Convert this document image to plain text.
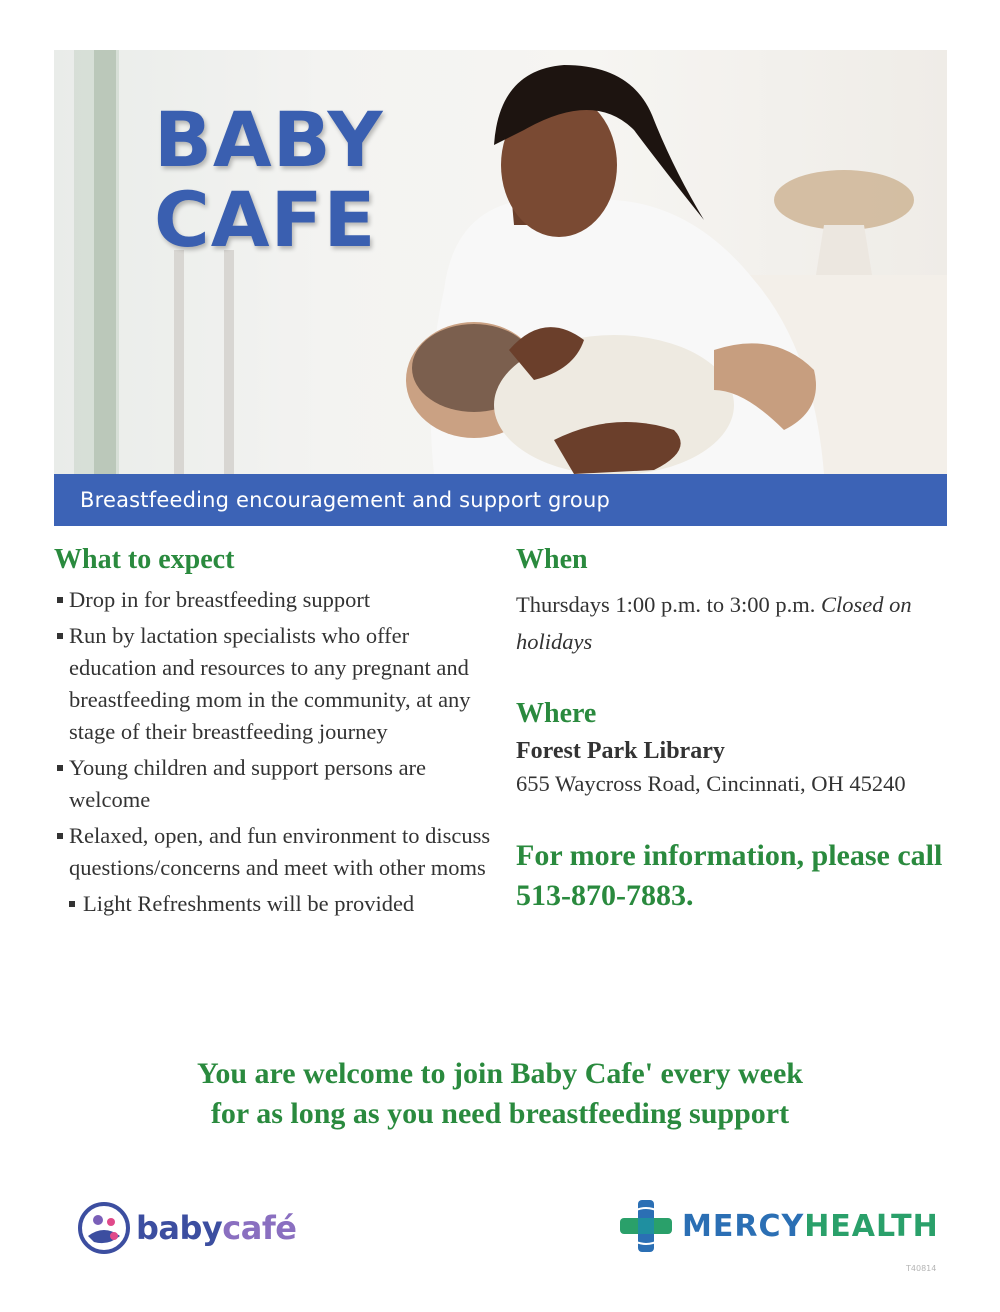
BABY
CAFE
Breastfeeding encouragement and support group
What to expect
Drop in for breastfeeding support
Run by lactation specialists who offer education and resources to any pregnant and breastfeeding mom in the community, at any stage of their breastfeeding journey
Young children and support persons are welcome
Relaxed, open, and fun environment to discuss questions/concerns and meet with other moms
Light Refreshments will be provided
When

Thursdays 1:00 p.m. to 3:00 p.m. Closed on holidays

Where

Forest Park Library

655 Waycross Road, Cincinnati, OH 45240

For more information, please call

513-870-7883.

You are welcome to join Baby Cafe' every week
for as long as you need breastfeeding support
babycafé	MERCYHEALTH
T40814
